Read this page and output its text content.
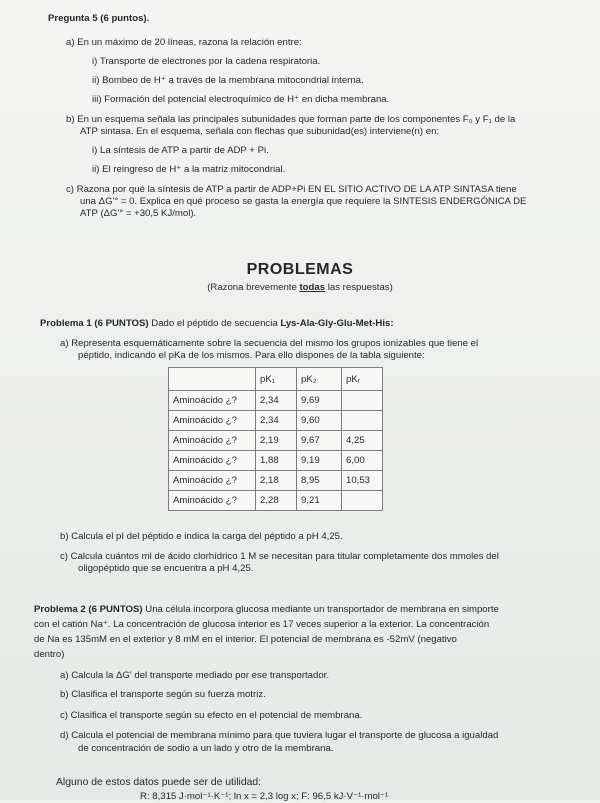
Pregunta 5 (6 puntos).
a) En un máximo de 20 líneas, razona la relación entre:
i) Transporte de electrones por la cadena respiratoria.
ii) Bombeo de H⁺ a través de la membrana mitocondrial interna.
iii) Formación del potencial electroquímico de H⁺ en dicha membrana.
b) En un esquema señala las principales subunidades que forman parte de los componentes F₀ y F₁ de la
ATP sintasa. En el esquema, señala con flechas que subunidad(es) interviene(n) en:
i) La síntesis de ATP a partir de ADP + Pi.
ii) El reingreso de H⁺ a la matriz mitocondrial.
c) Razona por qué la síntesis de ATP a partir de ADP+Pi EN EL SITIO ACTIVO DE LA ATP SINTASA tiene
una ΔG'° = 0. Explica en qué proceso se gasta la energía que requiere la SINTESIS ENDERGÓNICA DE
ATP (ΔG'° = +30,5 KJ/mol).
PROBLEMAS
(Razona brevemente todas las respuestas)
Problema 1 (6 PUNTOS) Dado el péptido de secuencia Lys-Ala-Gly-Glu-Met-His:
a) Representa esquemáticamente sobre la secuencia del mismo los grupos ionizables que tiene el
péptido, indicando el pKa de los mismos. Para ello dispones de la tabla siguiente:
	pK₁	pK₂	pKᵣ
Aminoácido ¿?	2,34	9,69	
Aminoácido ¿?	2,34	9,60	
Aminoácido ¿?	2,19	9,67	4,25
Aminoácido ¿?	1,88	9,19	6,00
Aminoácido ¿?	2,18	8,95	10,53
Aminoácido ¿?	2,28	9,21	
b) Calcula el pI del péptido e indica la carga del péptido a pH 4,25.
c) Calcula cuántos ml de ácido clorhídrico 1 M se necesitan para titular completamente dos mmoles del
oligopéptido que se encuentra a pH 4,25.
Problema 2 (6 PUNTOS) Una célula incorpora glucosa mediante un transportador de membrana en simporte
con el catión Na⁺. La concentración de glucosa interior es 17 veces superior a la exterior. La concentración
de Na es 135mM en el exterior y 8 mM en el interior. El potencial de membrana es -52mV (negativo
dentro)
a) Calcula la ΔG' del transporte mediado por ese transportador.
b) Clasifica el transporte según su fuerza motriz.
c) Clasifica el transporte según su efecto en el potencial de membrana.
d) Calcula el potencial de membrana mínimo para que tuviera lugar el transporte de glucosa a igualdad
de concentración de sodio a un lado y otro de la membrana.
Alguno de estos datos puede ser de utilidad:
R: 8,315 J·mol⁻¹·K⁻¹; ln x = 2,3 log x; F: 96,5 kJ·V⁻¹·mol⁻¹
